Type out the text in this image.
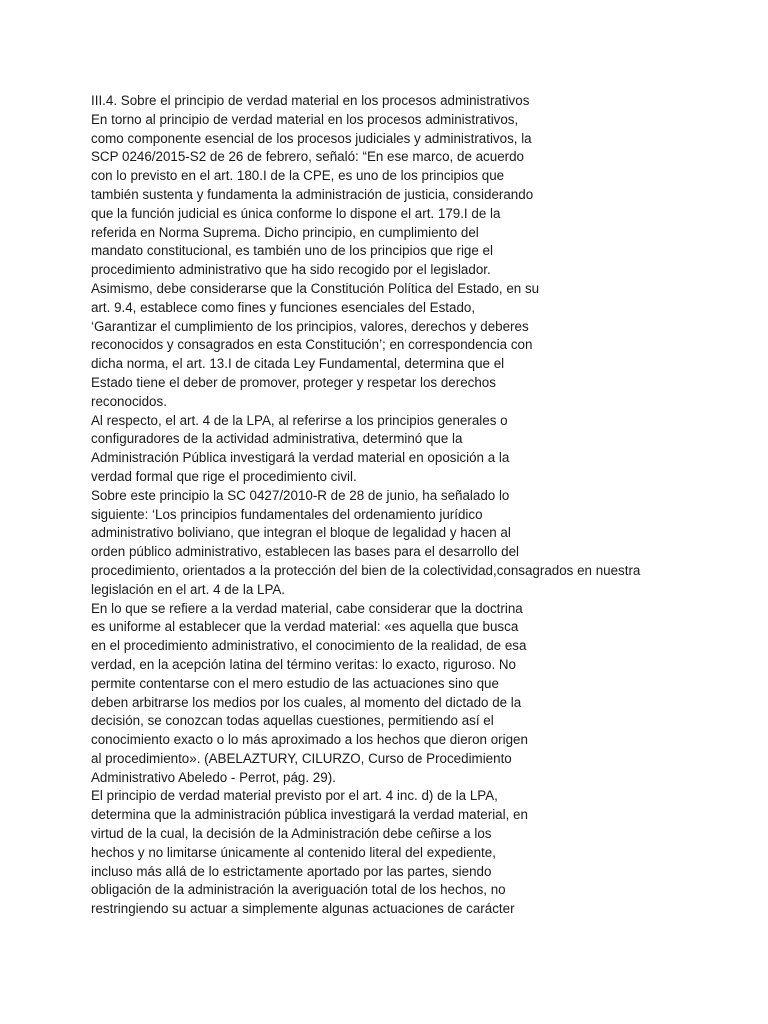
III.4. Sobre el principio de verdad material en los procesos administrativos
En torno al principio de verdad material en los procesos administrativos,
como componente esencial de los procesos judiciales y administrativos, la
SCP 0246/2015-S2 de 26 de febrero, señaló: “En ese marco, de acuerdo
con lo previsto en el art. 180.I de la CPE, es uno de los principios que
también sustenta y fundamenta la administración de justicia, considerando
que la función judicial es única conforme lo dispone el art. 179.I de la
referida en Norma Suprema. Dicho principio, en cumplimiento del
mandato constitucional, es también uno de los principios que rige el
procedimiento administrativo que ha sido recogido por el legislador.
Asimismo, debe considerarse que la Constitución Política del Estado, en su
art. 9.4, establece como fines y funciones esenciales del Estado,
‘Garantizar el cumplimiento de los principios, valores, derechos y deberes
reconocidos y consagrados en esta Constitución’; en correspondencia con
dicha norma, el art. 13.I de citada Ley Fundamental, determina que el
Estado tiene el deber de promover, proteger y respetar los derechos
reconocidos.
Al respecto, el art. 4 de la LPA, al referirse a los principios generales o
configuradores de la actividad administrativa, determinó que la
Administración Pública investigará la verdad material en oposición a la
verdad formal que rige el procedimiento civil.
Sobre este principio la SC 0427/2010-R de 28 de junio, ha señalado lo
siguiente: ‘Los principios fundamentales del ordenamiento jurídico
administrativo boliviano, que integran el bloque de legalidad y hacen al
orden público administrativo, establecen las bases para el desarrollo del
procedimiento, orientados a la protección del bien de la colectividad,consagrados en nuestra
legislación en el art. 4 de la LPA.
En lo que se refiere a la verdad material, cabe considerar que la doctrina
es uniforme al establecer que la verdad material: «es aquella que busca
en el procedimiento administrativo, el conocimiento de la realidad, de esa
verdad, en la acepción latina del término veritas: lo exacto, riguroso. No
permite contentarse con el mero estudio de las actuaciones sino que
deben arbitrarse los medios por los cuales, al momento del dictado de la
decisión, se conozcan todas aquellas cuestiones, permitiendo así el
conocimiento exacto o lo más aproximado a los hechos que dieron origen
al procedimiento». (ABELAZTURY, CILURZO, Curso de Procedimiento
Administrativo Abeledo - Perrot, pág. 29).
El principio de verdad material previsto por el art. 4 inc. d) de la LPA,
determina que la administración pública investigará la verdad material, en
virtud de la cual, la decisión de la Administración debe ceñirse a los
hechos y no limitarse únicamente al contenido literal del expediente,
incluso más allá de lo estrictamente aportado por las partes, siendo
obligación de la administración la averiguación total de los hechos, no
restringiendo su actuar a simplemente algunas actuaciones de carácter
